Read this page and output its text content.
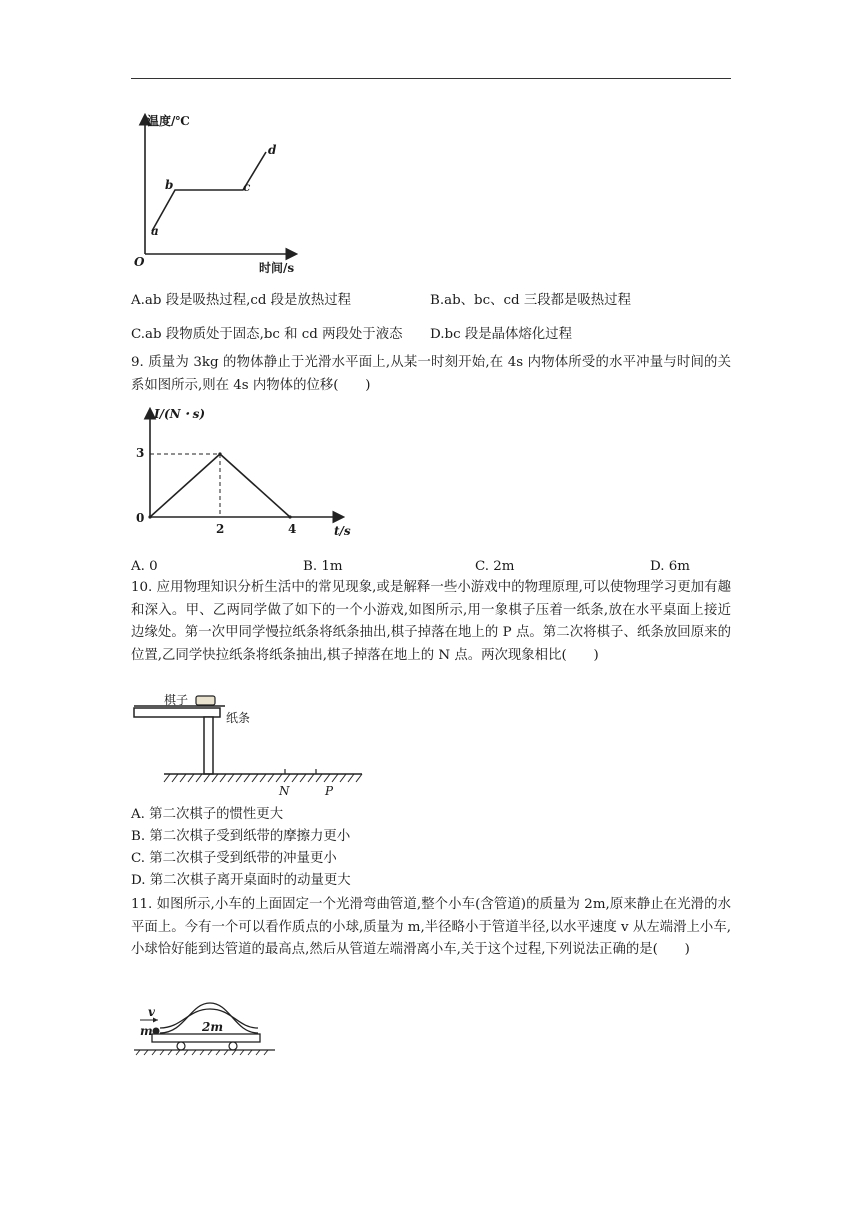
温度/℃
时间/s
O
a
b	c
d
A.ab 段是吸热过程,cd 段是放热过程	B.ab、bc、cd 三段都是吸热过程
C.ab 段物质处于固态,bc 和 cd 两段处于液态 D.bc 段是晶体熔化过程
9. 质量为 3kg 的物体静止于光滑水平面上,从某一时刻开始,在 4s 内物体所受的水平冲量与时间的关系如图所示,则在 4s 内物体的位移(　　)
I/(N・s)
t/s
3
0
2	4
A. 0	B. 1m	C. 2m	D. 6m
10. 应用物理知识分析生活中的常见现象,或是解释一些小游戏中的物理原理,可以使物理学习更加有趣和深入。甲、乙两同学做了如下的一个小游戏,如图所示,用一象棋子压着一纸条,放在水平桌面上接近边缘处。第一次甲同学慢拉纸条将纸条抽出,棋子掉落在地上的 P 点。第二次将棋子、纸条放回原来的位置,乙同学快拉纸条将纸条抽出,棋子掉落在地上的 N 点。两次现象相比(　　)
棋子
纸条
N	P
A. 第二次棋子的惯性更大
B. 第二次棋子受到纸带的摩擦力更小
C. 第二次棋子受到纸带的冲量更小
D. 第二次棋子离开桌面时的动量更大
11. 如图所示,小车的上面固定一个光滑弯曲管道,整个小车(含管道)的质量为 2m,原来静止在光滑的水平面上。今有一个可以看作质点的小球,质量为 m,半径略小于管道半径,以水平速度 v 从左端滑上小车,小球恰好能到达管道的最高点,然后从管道左端滑离小车,关于这个过程,下列说法正确的是(　　)
v
m	2m
